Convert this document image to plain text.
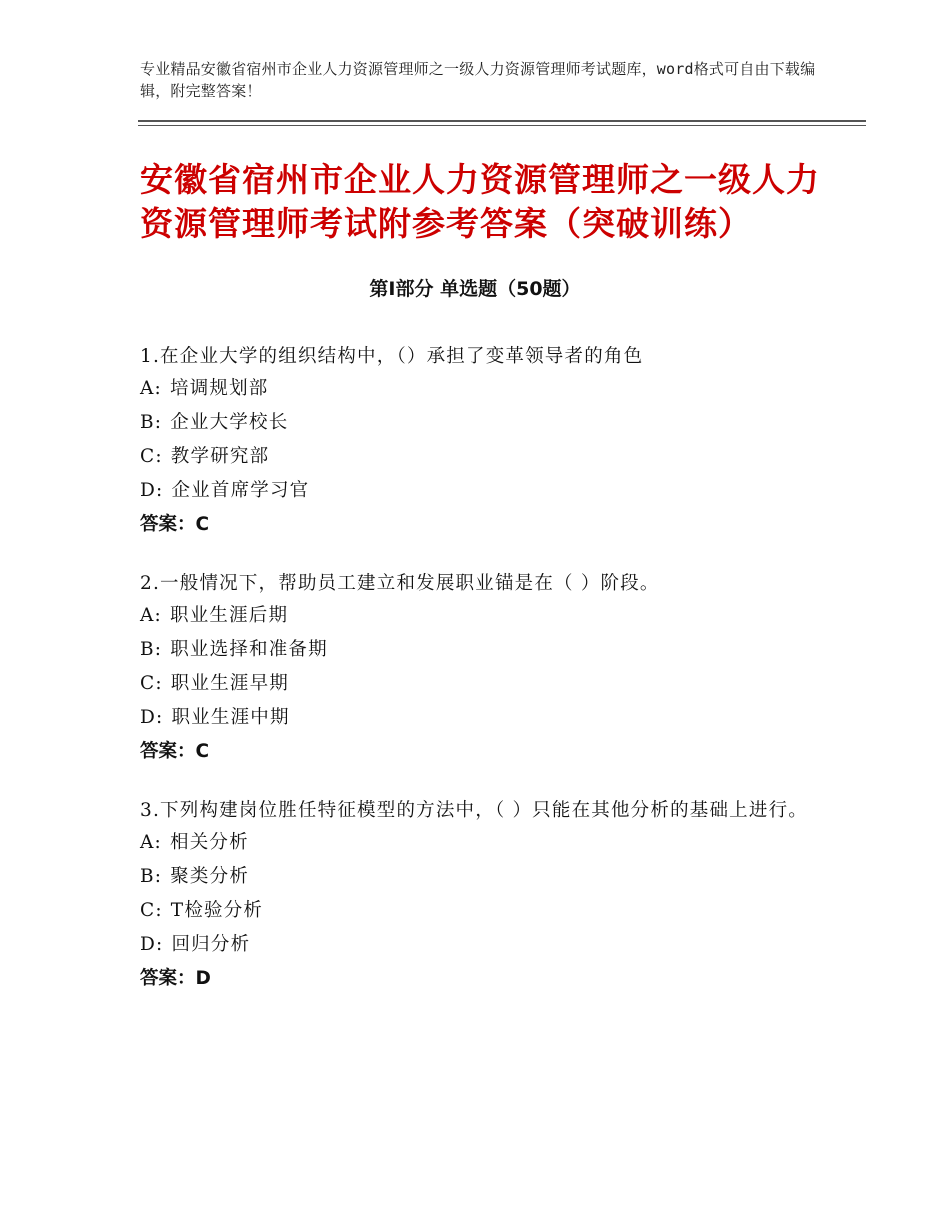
专业精品安徽省宿州市企业人力资源管理师之一级人力资源管理师考试题库，word格式可自由下载编辑，附完整答案！
安徽省宿州市企业人力资源管理师之一级人力资源管理师考试附参考答案（突破训练）
第Ⅰ部分 单选题（50题）
1.在企业大学的组织结构中，（）承担了变革领导者的角色
A: 培调规划部
B: 企业大学校长
C: 教学研究部
D: 企业首席学习官
答案：C
2.一般情况下，帮助员工建立和发展职业锚是在（ ）阶段。
A: 职业生涯后期
B: 职业选择和准备期
C: 职业生涯早期
D: 职业生涯中期
答案：C
3.下列构建岗位胜任特征模型的方法中，（ ）只能在其他分析的基础上进行。
A: 相关分析
B: 聚类分析
C: T检验分析
D: 回归分析
答案：D
